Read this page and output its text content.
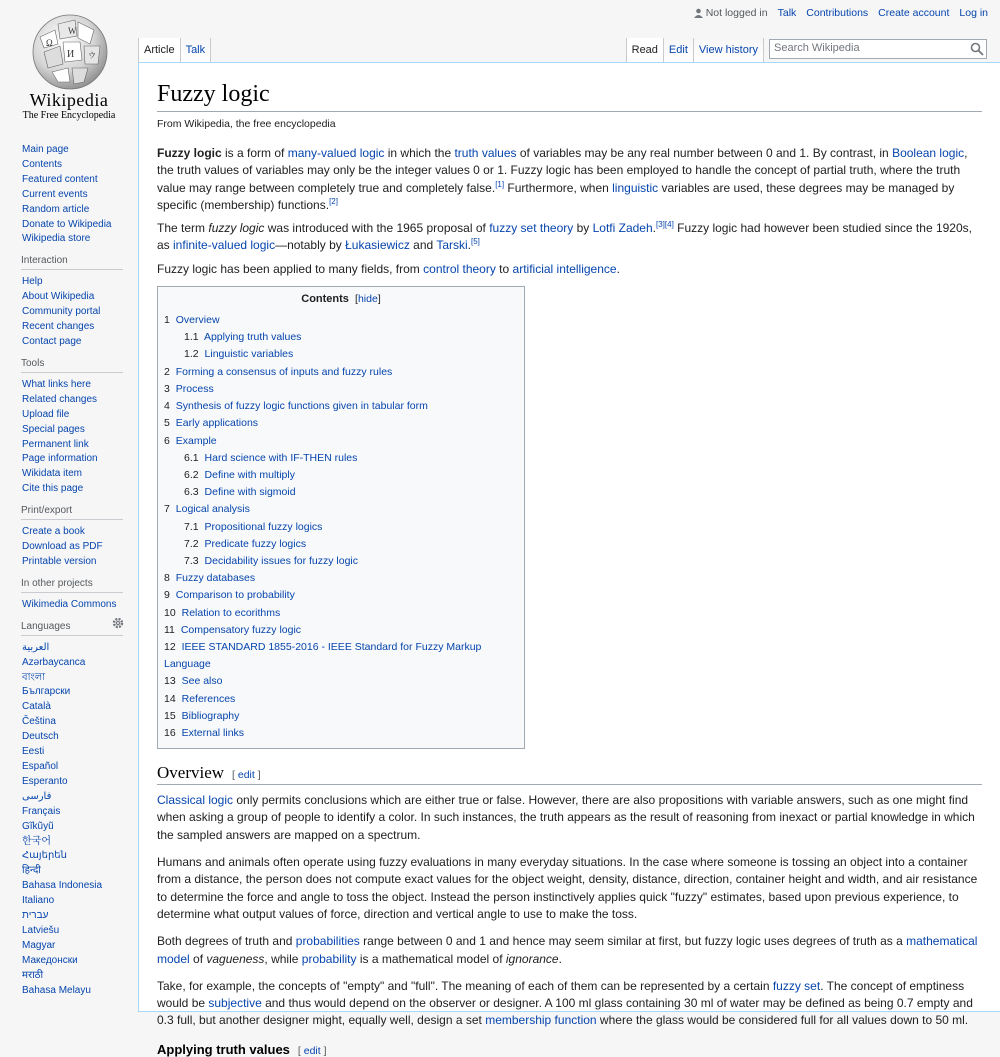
Ω
W
И ウ
Wikipedia
The Free Encyclopedia
Not logged in Talk Contributions Create account Log in
Article	Talk	Read	Edit	View history	Search Wikipedia
Main page
Contents
Featured content
Current events
Random article
Donate to Wikipedia
Wikipedia store
Interaction
Help
About Wikipedia
Community portal
Recent changes
Contact page
Tools
What links here
Related changes
Upload file
Special pages
Permanent link
Page information
Wikidata item
Cite this page
Print/export
Create a book
Download as PDF
Printable version
In other projects
Wikimedia Commons
Languages
العربية
Azərbaycanca
বাংলা
Български
Català
Čeština
Deutsch
Eesti
Español
Esperanto
فارسی
Français
Gĩkũyũ
한국어
Հայերեն
हिन्दी
Bahasa Indonesia
Italiano
עברית
Latviešu
Magyar
Македонски
मराठी
Bahasa Melayu
Fuzzy logic
From Wikipedia, the free encyclopedia

Fuzzy logic is a form of many-valued logic in which the truth values of variables may be any real number between 0 and 1. By contrast, in Boolean logic, the truth values of variables may only be the integer values 0 or 1. Fuzzy logic has been employed to handle the concept of partial truth, where the truth value may range between completely true and completely false.[1] Furthermore, when linguistic variables are used, these degrees may be managed by specific (membership) functions.[2]

The term fuzzy logic was introduced with the 1965 proposal of fuzzy set theory by Lotfi Zadeh.[3][4] Fuzzy logic had however been studied since the 1920s, as infinite-valued logic—notably by Łukasiewicz and Tarski.[5]

Fuzzy logic has been applied to many fields, from control theory to artificial intelligence.

Contents [hide]
1 Overview
1.1 Applying truth values
1.2 Linguistic variables
2 Forming a consensus of inputs and fuzzy rules
3 Process
4 Synthesis of fuzzy logic functions given in tabular form
5 Early applications
6 Example
6.1 Hard science with IF-THEN rules
6.2 Define with multiply
6.3 Define with sigmoid
7 Logical analysis
7.1 Propositional fuzzy logics
7.2 Predicate fuzzy logics
7.3 Decidability issues for fuzzy logic
8 Fuzzy databases
9 Comparison to probability
10 Relation to ecorithms
11 Compensatory fuzzy logic
12 IEEE STANDARD 1855-2016 - IEEE Standard for Fuzzy Markup Language
13 See also
14 References
15 Bibliography
16 External links
Overview [ edit ]

Classical logic only permits conclusions which are either true or false. However, there are also propositions with variable answers, such as one might find when asking a group of people to identify a color. In such instances, the truth appears as the result of reasoning from inexact or partial knowledge in which the sampled answers are mapped on a spectrum.

Humans and animals often operate using fuzzy evaluations in many everyday situations. In the case where someone is tossing an object into a container from a distance, the person does not compute exact values for the object weight, density, distance, direction, container height and width, and air resistance to determine the force and angle to toss the object. Instead the person instinctively applies quick "fuzzy" estimates, based upon previous experience, to determine what output values of force, direction and vertical angle to use to make the toss.

Both degrees of truth and probabilities range between 0 and 1 and hence may seem similar at first, but fuzzy logic uses degrees of truth as a mathematical model of vagueness, while probability is a mathematical model of ignorance.

Take, for example, the concepts of "empty" and "full". The meaning of each of them can be represented by a certain fuzzy set. The concept of emptiness would be subjective and thus would depend on the observer or designer. A 100 ml glass containing 30 ml of water may be defined as being 0.7 empty and 0.3 full, but another designer might, equally well, design a set membership function where the glass would be considered full for all values down to 50 ml.

Applying truth values [ edit ]
